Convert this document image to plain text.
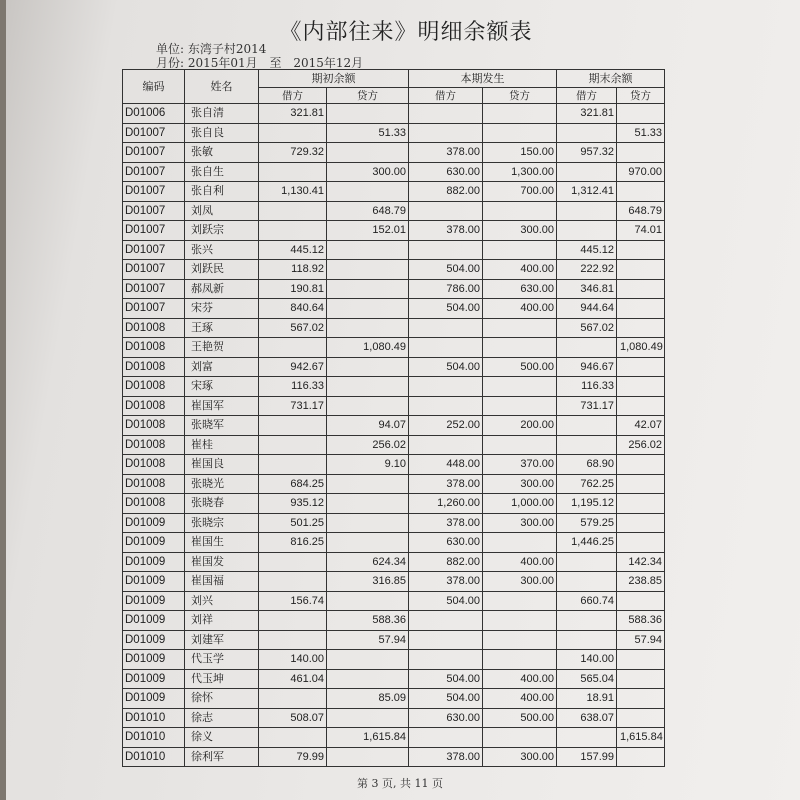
《内部往来》明细余额表
单位: 东湾子村2014
月份: 2015年01月 至 2015年12月
编码	姓名	期初余额		本期发生		期末余额	
		借方	贷方	借方	贷方	借方	贷方
D01006	张自清	321.81				321.81	
D01007	张自良		51.33				51.33
D01007	张敏	729.32		378.00	150.00	957.32	
D01007	张自生		300.00	630.00	1,300.00		970.00
D01007	张自利	1,130.41		882.00	700.00	1,312.41	
D01007	刘凤		648.79				648.79
D01007	刘跃宗		152.01	378.00	300.00		74.01
D01007	张兴	445.12				445.12	
D01007	刘跃民	118.92		504.00	400.00	222.92	
D01007	郝凤新	190.81		786.00	630.00	346.81	
D01007	宋芬	840.64		504.00	400.00	944.64	
D01008	王琢	567.02				567.02	
D01008	王艳贺		1,080.49				1,080.49
D01008	刘富	942.67		504.00	500.00	946.67	
D01008	宋琢	116.33				116.33	
D01008	崔国军	731.17				731.17	
D01008	张晓军		94.07	252.00	200.00		42.07
D01008	崔桂		256.02				256.02
D01008	崔国良		9.10	448.00	370.00	68.90	
D01008	张晓光	684.25		378.00	300.00	762.25	
D01008	张晓春	935.12		1,260.00	1,000.00	1,195.12	
D01009	张晓宗	501.25		378.00	300.00	579.25	
D01009	崔国生	816.25		630.00		1,446.25	
D01009	崔国发		624.34	882.00	400.00		142.34
D01009	崔国福		316.85	378.00	300.00		238.85
D01009	刘兴	156.74		504.00		660.74	
D01009	刘祥		588.36				588.36
D01009	刘建军		57.94				57.94
D01009	代玉学	140.00				140.00	
D01009	代玉坤	461.04		504.00	400.00	565.04	
D01009	徐怀		85.09	504.00	400.00	18.91	
D01010	徐志	508.07		630.00	500.00	638.07	
D01010	徐义		1,615.84				1,615.84
D01010	徐利军	79.99		378.00	300.00	157.99	
第 3 页, 共 11 页
